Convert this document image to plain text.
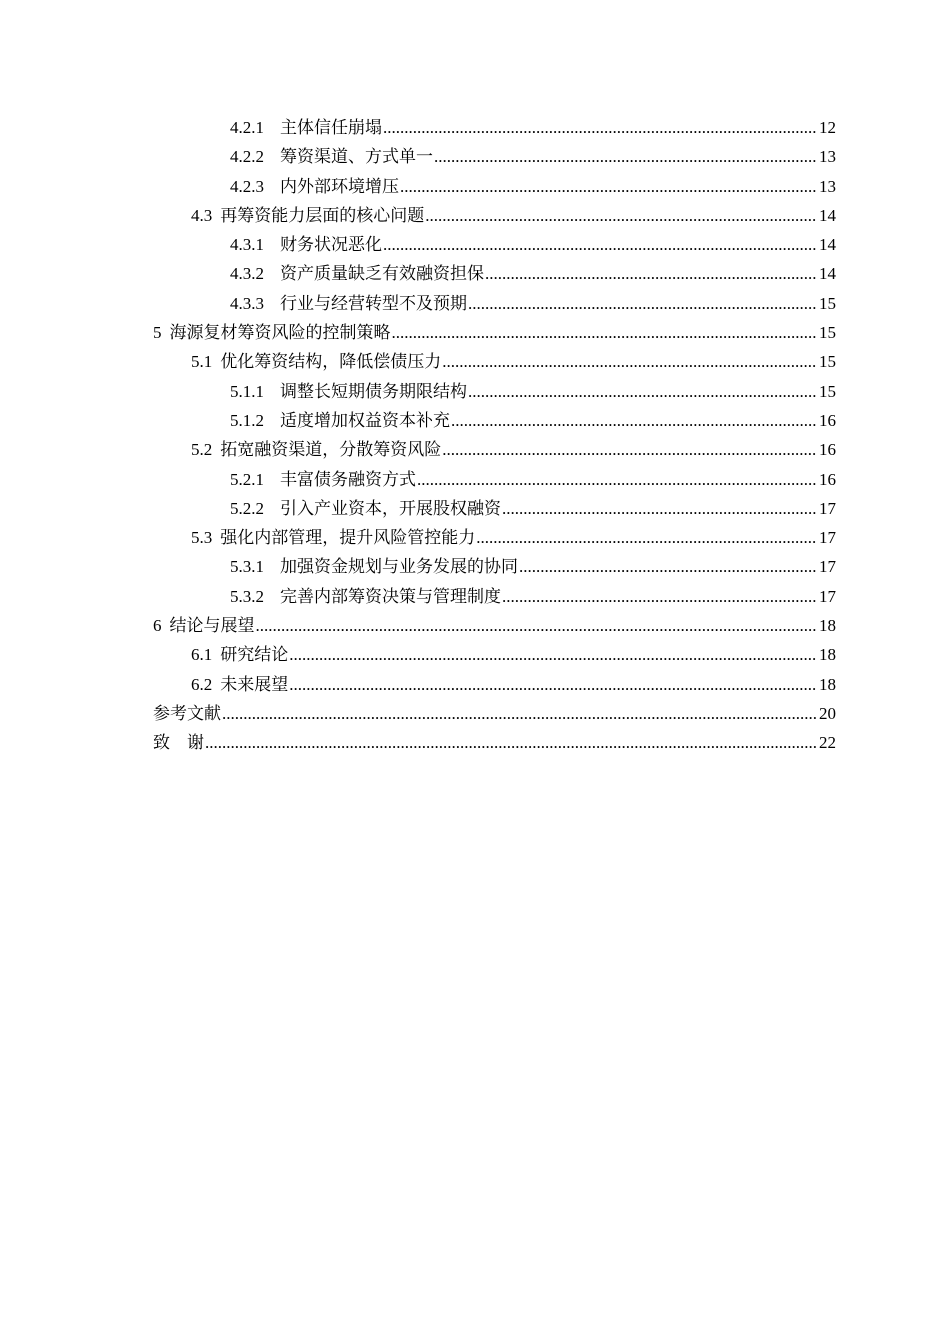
4.2.1 主体信任崩塌 .....	12
4.2.2 筹资渠道、方式单一 .....	13
4.2.3 内外部环境增压 .....	13
4.3 再筹资能力层面的核心问题 .....	14
4.3.1 财务状况恶化 .....	14
4.3.2 资产质量缺乏有效融资担保 .....	14
4.3.3 行业与经营转型不及预期 .....	15
5 海源复材筹资风险的控制策略 .....	15
5.1 优化筹资结构，降低偿债压力 .....	15
5.1.1 调整长短期债务期限结构 .....	15
5.1.2 适度增加权益资本补充 .....	16
5.2 拓宽融资渠道，分散筹资风险 .....	16
5.2.1 丰富债务融资方式 .....	16
5.2.2 引入产业资本，开展股权融资 .....	17
5.3 强化内部管理，提升风险管控能力 .....	17
5.3.1 加强资金规划与业务发展的协同 .....	17
5.3.2 完善内部筹资决策与管理制度 .....	17
6 结论与展望 .....	18
6.1 研究结论 .....	18
6.2 未来展望 .....	18
参考文献 .....	20
致　谢 .....	22
